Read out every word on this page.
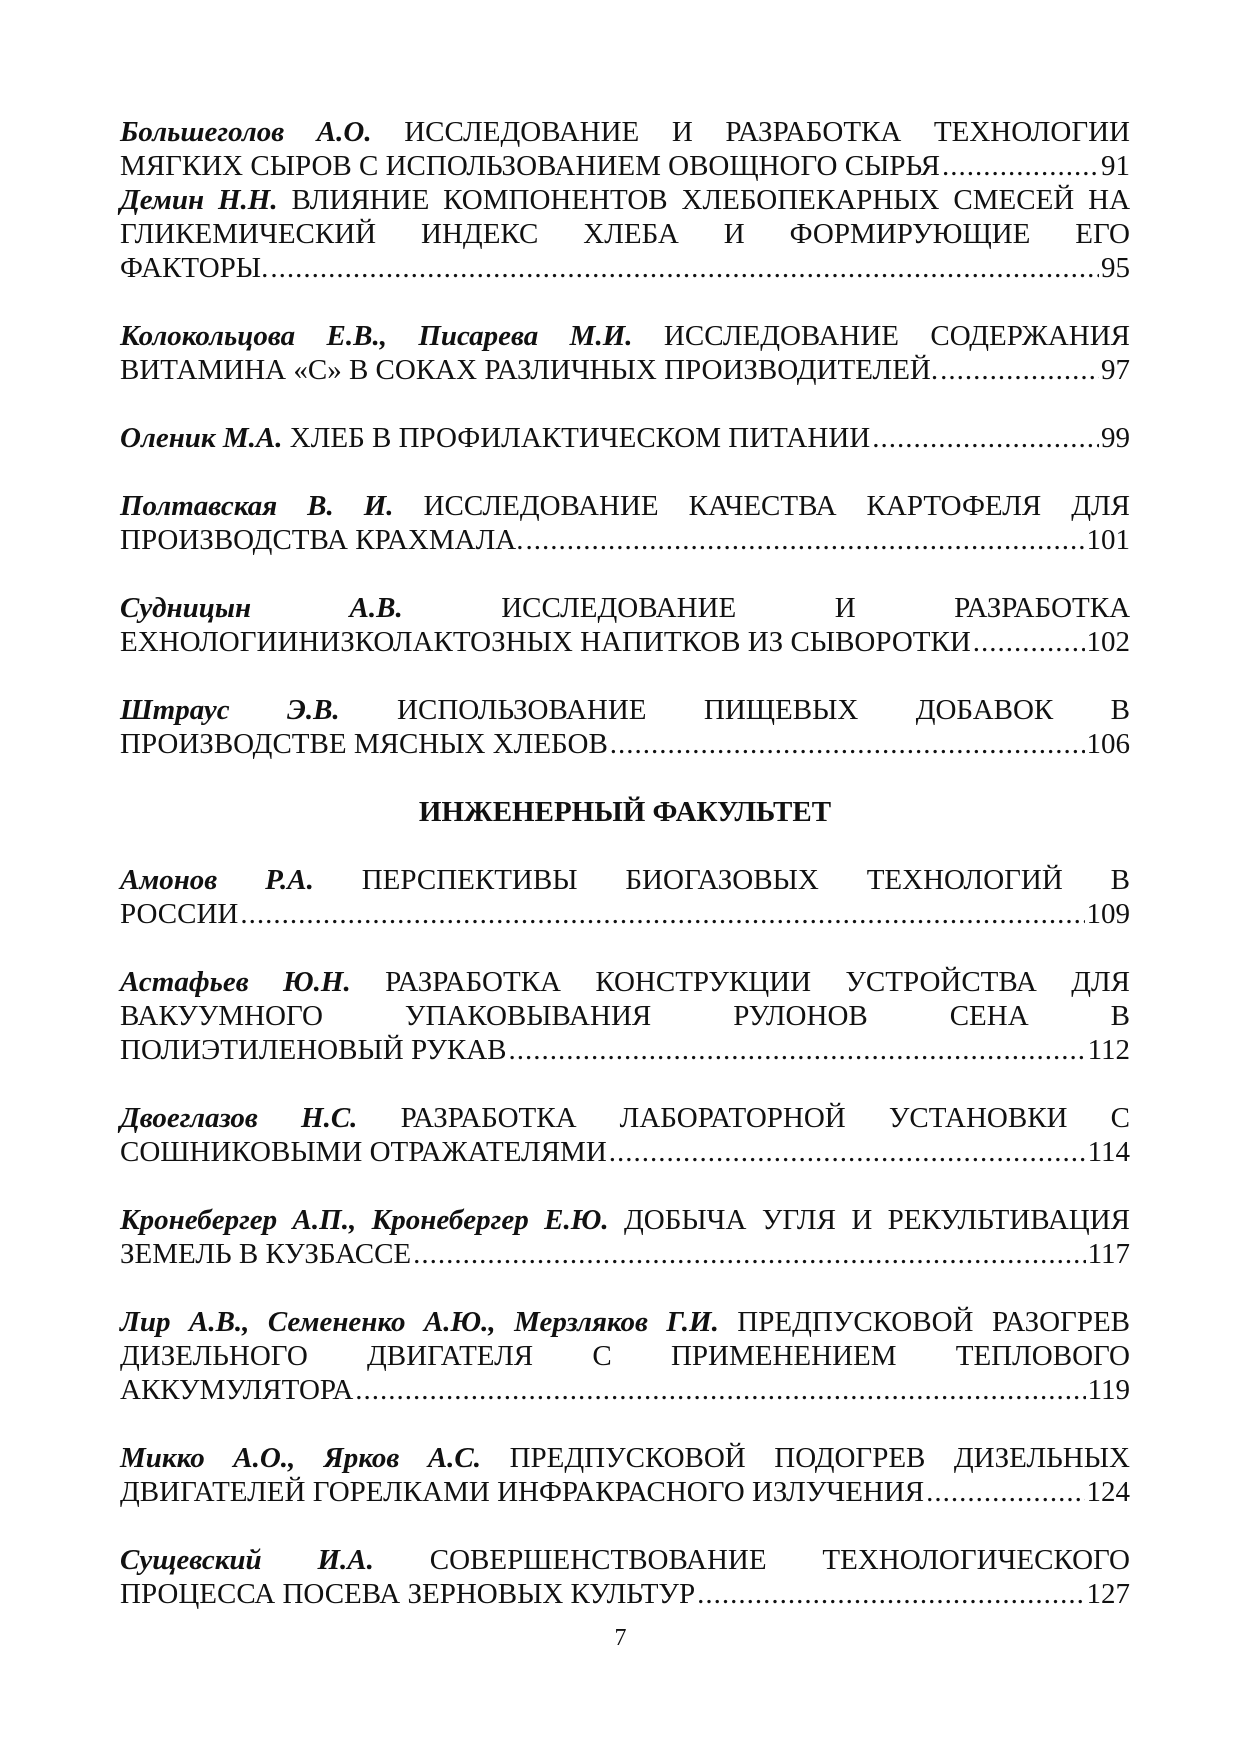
Большеголов А.О. ИССЛЕДОВАНИЕ И РАЗРАБОТКА ТЕХНОЛОГИИ
МЯГКИХ СЫРОВ С ИСПОЛЬЗОВАНИЕМ ОВОЩНОГО СЫРЬЯ .....	91
Демин Н.Н. ВЛИЯНИЕ КОМПОНЕНТОВ ХЛЕБОПЕКАРНЫХ СМЕСЕЙ НА
ГЛИКЕМИЧЕСКИЙ ИНДЕКС ХЛЕБА И ФОРМИРУЮЩИЕ ЕГО
ФАКТОРЫ. .....	95
Колокольцова Е.В., Писарева М.И. ИССЛЕДОВАНИЕ СОДЕРЖАНИЯ
ВИТАМИНА «С» В СОКАХ РАЗЛИЧНЫХ ПРОИЗВОДИТЕЛЕЙ. .....	97
Оленик М.А. ХЛЕБ В ПРОФИЛАКТИЧЕСКОМ ПИТАНИИ .....	99
Полтавская В. И. ИССЛЕДОВАНИЕ КАЧЕСТВА КАРТОФЕЛЯ ДЛЯ
ПРОИЗВОДСТВА КРАХМАЛА. .....	101
Судницын А.В.	ИССЛЕДОВАНИЕ И РАЗРАБОТКА
ЕХНОЛОГИИНИЗКОЛАКТОЗНЫХ НАПИТКОВ ИЗ СЫВОРОТКИ .....	102
Штраус Э.В. ИСПОЛЬЗОВАНИЕ ПИЩЕВЫХ ДОБАВОК В
ПРОИЗВОДСТВЕ МЯСНЫХ ХЛЕБОВ .....	106
ИНЖЕНЕРНЫЙ ФАКУЛЬТЕТ
Амонов Р.А. ПЕРСПЕКТИВЫ БИОГАЗОВЫХ ТЕХНОЛОГИЙ В
РОССИИ .....	109
Астафьев Ю.Н. РАЗРАБОТКА КОНСТРУКЦИИ УСТРОЙСТВА ДЛЯ
ВАКУУМНОГО УПАКОВЫВАНИЯ РУЛОНОВ СЕНА В
ПОЛИЭТИЛЕНОВЫЙ РУКАВ .....	112
Двоеглазов Н.С. РАЗРАБОТКА ЛАБОРАТОРНОЙ УСТАНОВКИ С
СОШНИКОВЫМИ ОТРАЖАТЕЛЯМИ .....	114
Кронебергер А.П., Кронебергер Е.Ю. ДОБЫЧА УГЛЯ И РЕКУЛЬТИВАЦИЯ
ЗЕМЕЛЬ В КУЗБАССЕ .....	117
Лир А.В., Семененко А.Ю., Мерзляков Г.И. ПРЕДПУСКОВОЙ РАЗОГРЕВ
ДИЗЕЛЬНОГО ДВИГАТЕЛЯ С ПРИМЕНЕНИЕМ ТЕПЛОВОГО
АККУМУЛЯТОРА .....	119
Микко А.О., Ярков А.С. ПРЕДПУСКОВОЙ ПОДОГРЕВ ДИЗЕЛЬНЫХ
ДВИГАТЕЛЕЙ ГОРЕЛКАМИ ИНФРАКРАСНОГО ИЗЛУЧЕНИЯ .....	124
Сущевский И.А. СОВЕРШЕНСТВОВАНИЕ ТЕХНОЛОГИЧЕСКОГО
ПРОЦЕССА ПОСЕВА ЗЕРНОВЫХ КУЛЬТУР .....	127
7
